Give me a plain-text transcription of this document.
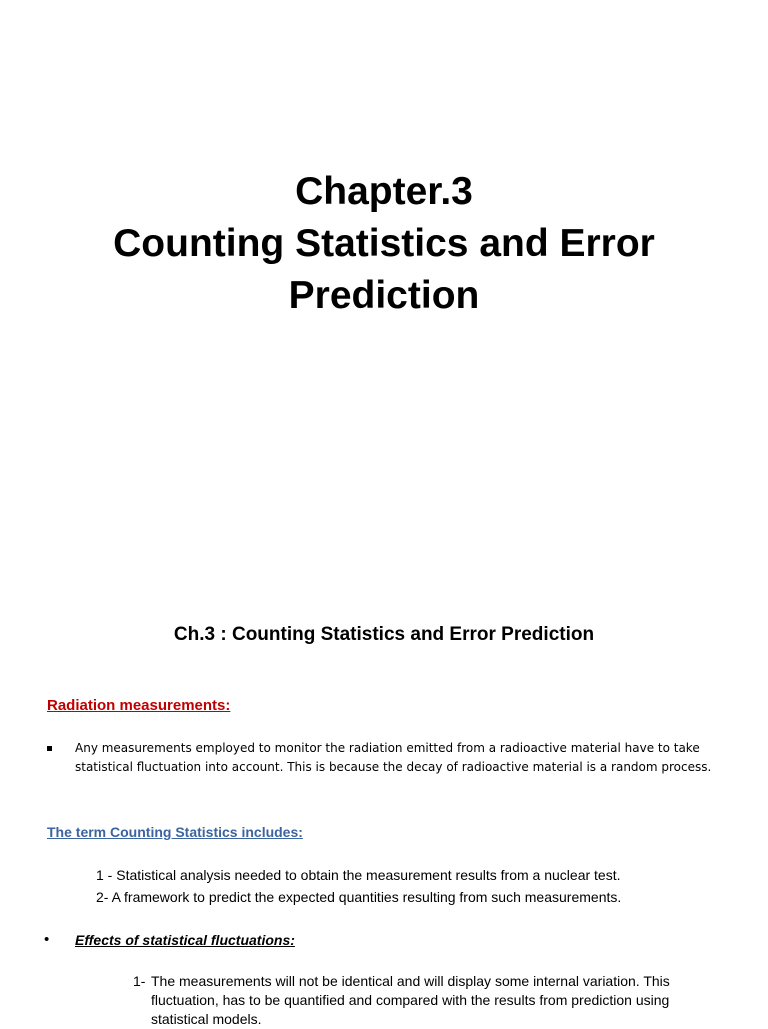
Chapter.3
Counting Statistics and Error
Prediction
Ch.3 : Counting Statistics and Error Prediction
Radiation measurements:
Any measurements employed to monitor the radiation emitted from a radioactive material have to take
statistical fluctuation into account. This is because the decay of radioactive material is a random process.
The term Counting Statistics includes:
1 - Statistical analysis needed to obtain the measurement results from a nuclear test.
2- A framework to predict the expected quantities resulting from such measurements.
• Effects of statistical fluctuations:
1- The measurements will not be identical and will display some internal variation. This
fluctuation, has to be quantified and compared with the results from prediction using
statistical models.
